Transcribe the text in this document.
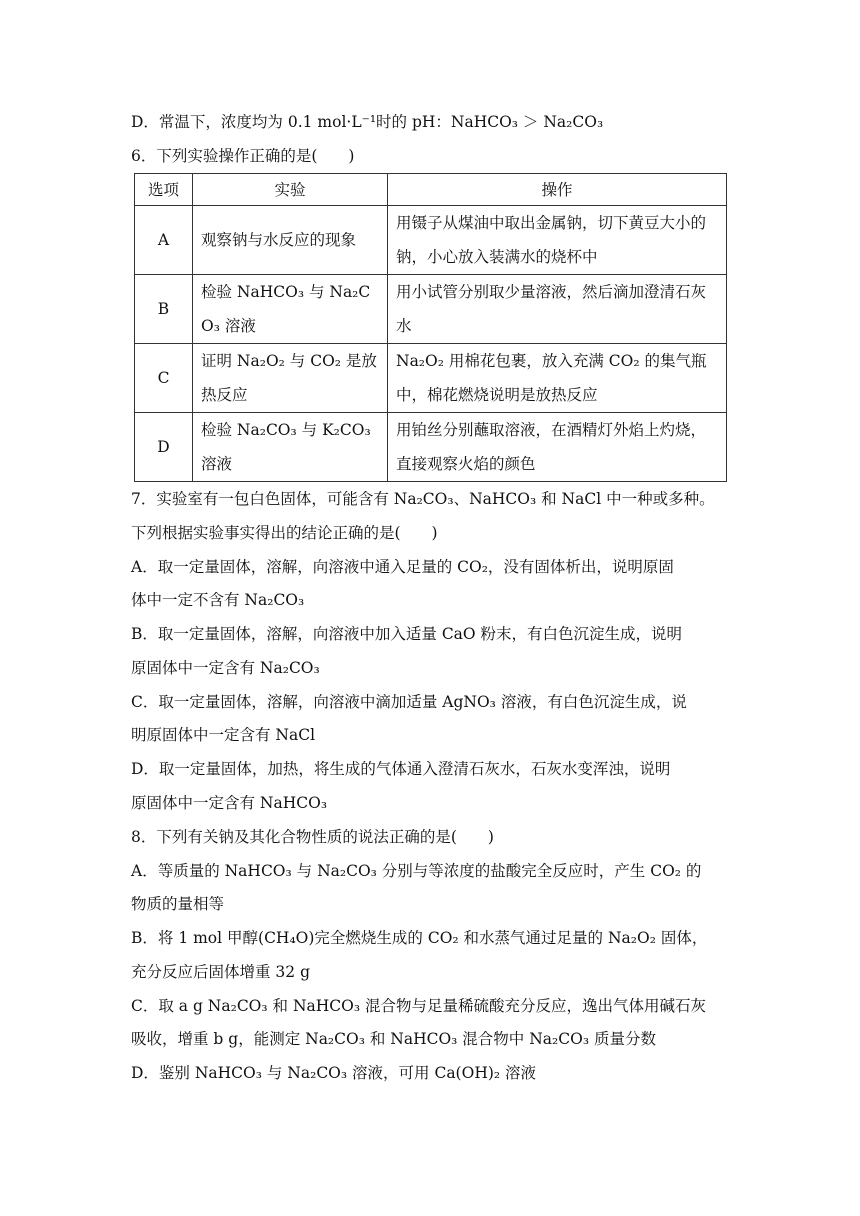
D．常温下，浓度均为 0.1 mol·L⁻¹时的 pH：NaHCO₃ ＞ Na₂CO₃
6．下列实验操作正确的是(　　)
选项	实验	操作
A	观察钠与水反应的现象	用镊子从煤油中取出金属钠，切下黄豆大小的钠，小心放入装满水的烧杯中
B	检验 NaHCO₃ 与 Na₂CO₃ 溶液	用小试管分别取少量溶液，然后滴加澄清石灰水
C	证明 Na₂O₂ 与 CO₂ 是放热反应	Na₂O₂ 用棉花包裹，放入充满 CO₂ 的集气瓶中，棉花燃烧说明是放热反应
D	检验 Na₂CO₃ 与 K₂CO₃ 溶液	用铂丝分别蘸取溶液，在酒精灯外焰上灼烧，直接观察火焰的颜色
7．实验室有一包白色固体，可能含有 Na₂CO₃、NaHCO₃ 和 NaCl 中一种或多种。
下列根据实验事实得出的结论正确的是(　　)
A．取一定量固体，溶解，向溶液中通入足量的 CO₂，没有固体析出，说明原固
体中一定不含有 Na₂CO₃
B．取一定量固体，溶解，向溶液中加入适量 CaO 粉末，有白色沉淀生成，说明
原固体中一定含有 Na₂CO₃
C．取一定量固体，溶解，向溶液中滴加适量 AgNO₃ 溶液，有白色沉淀生成，说
明原固体中一定含有 NaCl
D．取一定量固体，加热，将生成的气体通入澄清石灰水，石灰水变浑浊，说明
原固体中一定含有 NaHCO₃
8．下列有关钠及其化合物性质的说法正确的是(　　)
A．等质量的 NaHCO₃ 与 Na₂CO₃ 分别与等浓度的盐酸完全反应时，产生 CO₂ 的
物质的量相等
B．将 1 mol 甲醇(CH₄O)完全燃烧生成的 CO₂ 和水蒸气通过足量的 Na₂O₂ 固体，
充分反应后固体增重 32 g
C．取 a g Na₂CO₃ 和 NaHCO₃ 混合物与足量稀硫酸充分反应，逸出气体用碱石灰
吸收，增重 b g，能测定 Na₂CO₃ 和 NaHCO₃ 混合物中 Na₂CO₃ 质量分数
D．鉴别 NaHCO₃ 与 Na₂CO₃ 溶液，可用 Ca(OH)₂ 溶液
